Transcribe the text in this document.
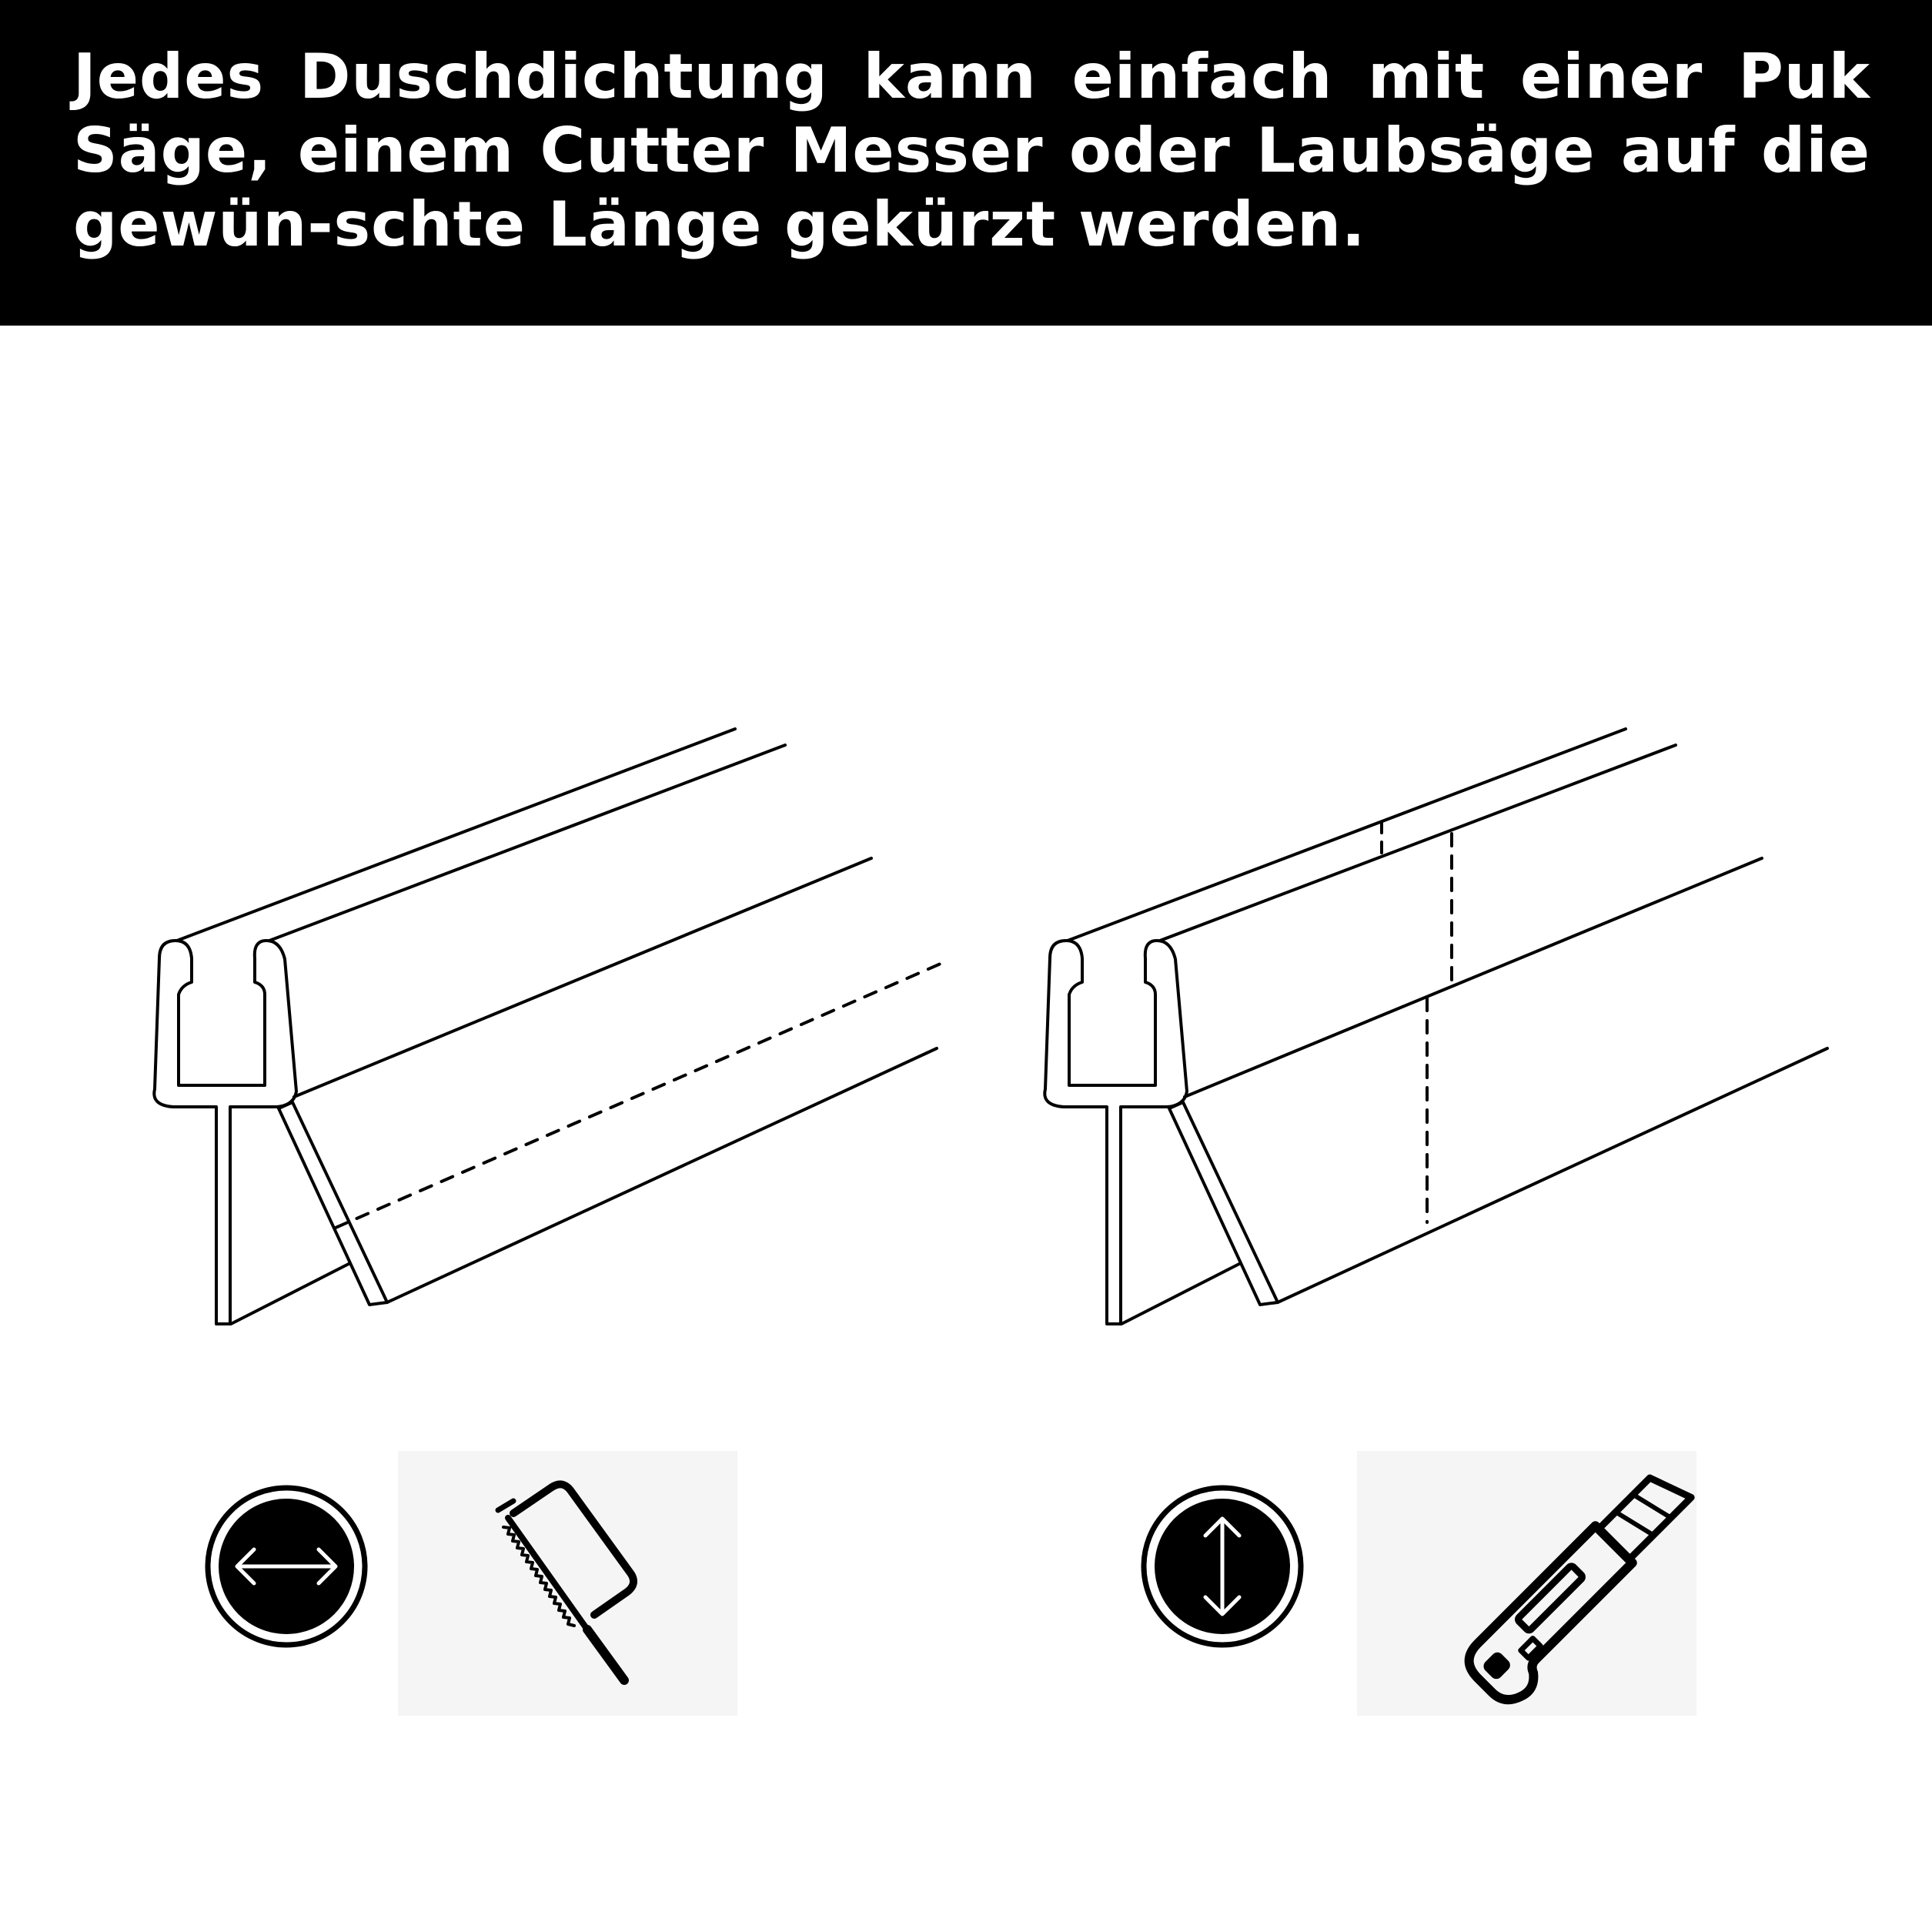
Jedes Duschdichtung kann einfach mit einer Puk Säge, einem Cutter Messer oder Laubsäge auf die gewün-schte Länge gekürzt werden.
